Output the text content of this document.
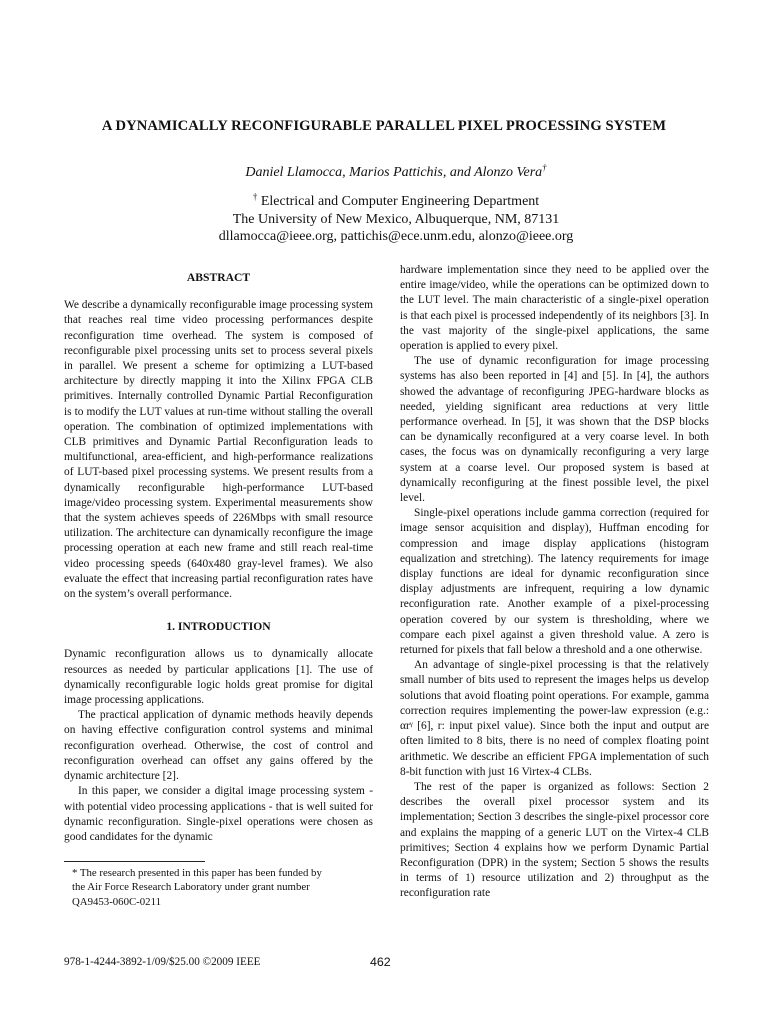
A DYNAMICALLY RECONFIGURABLE PARALLEL PIXEL PROCESSING SYSTEM
Daniel Llamocca, Marios Pattichis, and Alonzo Vera†
† Electrical and Computer Engineering Department
The University of New Mexico, Albuquerque, NM, 87131
dllamocca@ieee.org, pattichis@ece.unm.edu, alonzo@ieee.org
ABSTRACT

We describe a dynamically reconfigurable image processing system that reaches real time video processing performances despite reconfiguration time overhead. The system is composed of reconfigurable pixel processing units set to process several pixels in parallel. We present a scheme for optimizing a LUT-based architecture by directly mapping it into the Xilinx FPGA CLB primitives. Internally controlled Dynamic Partial Reconfiguration is to modify the LUT values at run-time without stalling the overall operation. The combination of optimized implementations with CLB primitives and Dynamic Partial Reconfiguration leads to multifunctional, area-efficient, and high-performance realizations of LUT-based pixel processing systems. We present results from a dynamically reconfigurable high-performance LUT-based image/video processing system. Experimental measurements show that the system achieves speeds of 226Mbps with small resource utilization. The architecture can dynamically reconfigure the image processing operation at each new frame and still reach real-time video processing speeds (640x480 gray-level frames). We also evaluate the effect that increasing partial reconfiguration rates have on the system’s overall performance.

1. INTRODUCTION

Dynamic reconfiguration allows us to dynamically allocate resources as needed by particular applications [1]. The use of dynamically reconfigurable logic holds great promise for digital image processing applications.

The practical application of dynamic methods heavily depends on having effective configuration control systems and minimal reconfiguration overhead. Otherwise, the cost of control and reconfiguration overhead can offset any gains offered by the dynamic architecture [2].

In this paper, we consider a digital image processing system - with potential video processing applications - that is well suited for dynamic reconfiguration. Single-pixel operations were chosen as good candidates for the dynamic

* The research presented in this paper has been funded by
the Air Force Research Laboratory under grant number
QA9453-060C-0211

hardware implementation since they need to be applied over the entire image/video, while the operations can be optimized down to the LUT level. The main characteristic of a single-pixel operation is that each pixel is processed independently of its neighbors [3]. In the vast majority of the single-pixel applications, the same operation is applied to every pixel.

The use of dynamic reconfiguration for image processing systems has also been reported in [4] and [5]. In [4], the authors showed the advantage of reconfiguring JPEG-hardware blocks as needed, yielding significant area reductions at very little performance overhead. In [5], it was shown that the DSP blocks can be dynamically reconfigured at a very coarse level. In both cases, the focus was on dynamically reconfiguring a very large system at a coarse level. Our proposed system is based at dynamically reconfiguring at the finest possible level, the pixel level.

Single-pixel operations include gamma correction (required for image sensor acquisition and display), Huffman encoding for compression and image display applications (histogram equalization and stretching). The latency requirements for image display functions are ideal for dynamic reconfiguration since display adjustments are infrequent, requiring a low dynamic reconfiguration rate. Another example of a pixel-processing operation covered by our system is thresholding, where we compare each pixel against a given threshold value. A zero is returned for pixels that fall below a threshold and a one otherwise.

An advantage of single-pixel processing is that the relatively small number of bits used to represent the images helps us develop solutions that avoid floating point operations. For example, gamma correction requires implementing the power-law expression (e.g.: αrᵞ [6], r: input pixel value). Since both the input and output are often limited to 8 bits, there is no need of complex floating point arithmetic. We describe an efficient FPGA implementation of such 8-bit function with just 16 Virtex-4 CLBs.

The rest of the paper is organized as follows: Section 2 describes the overall pixel processor system and its implementation; Section 3 describes the single-pixel processor core and explains the mapping of a generic LUT on the Virtex-4 CLB primitives; Section 4 explains how we perform Dynamic Partial Reconfiguration (DPR) in the system; Section 5 shows the results in terms of 1) resource utilization and 2) throughput as the reconfiguration rate

978-1-4244-3892-1/09/$25.00 ©2009 IEEE	462
